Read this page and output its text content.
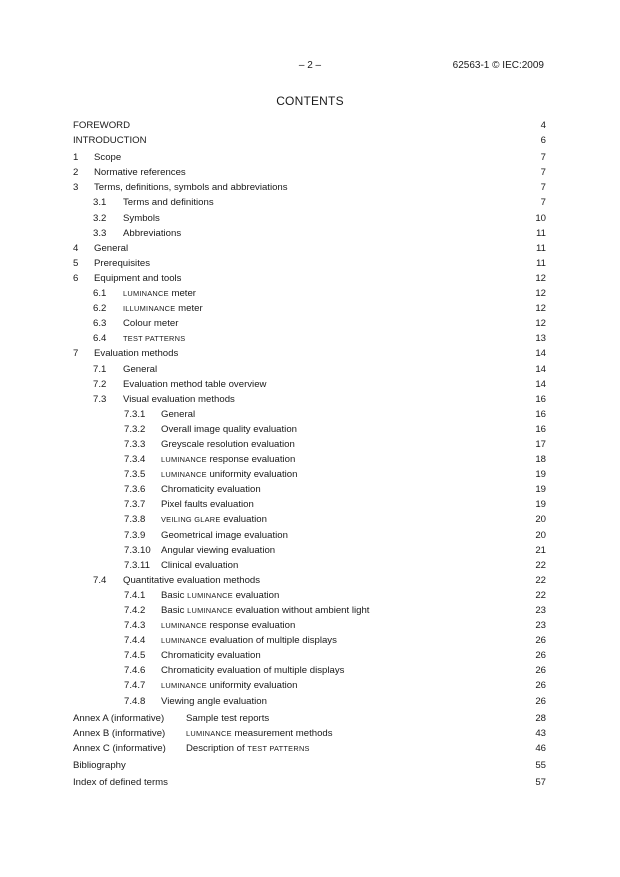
– 2 –	62563-1 © IEC:2009
CONTENTS
FOREWORD	4
INTRODUCTION	6
1 Scope	7
2 Normative references	7
3 Terms, definitions, symbols and abbreviations	7
3.1 Terms and definitions	7
3.2 Symbols	10
3.3 Abbreviations	11
4 General	11
5 Prerequisites	11
6 Equipment and tools	12
6.1 LUMINANCE meter	12
6.2 ILLUMINANCE meter	12
6.3 Colour meter	12
6.4 TEST PATTERNS	13
7 Evaluation methods	14
7.1 General	14
7.2 Evaluation method table overview	14
7.3 Visual evaluation methods	16
7.3.1 General	16
7.3.2 Overall image quality evaluation	16
7.3.3 Greyscale resolution evaluation	17
7.3.4 LUMINANCE response evaluation	18
7.3.5 LUMINANCE uniformity evaluation	19
7.3.6 Chromaticity evaluation	19
7.3.7 Pixel faults evaluation	19
7.3.8 VEILING GLARE evaluation	20
7.3.9 Geometrical image evaluation	20
7.3.10 Angular viewing evaluation	21
7.3.11 Clinical evaluation	22
7.4 Quantitative evaluation methods	22
7.4.1 Basic LUMINANCE evaluation	22
7.4.2 Basic LUMINANCE evaluation without ambient light	23
7.4.3 LUMINANCE response evaluation	23
7.4.4 LUMINANCE evaluation of multiple displays	26
7.4.5 Chromaticity evaluation	26
7.4.6 Chromaticity evaluation of multiple displays	26
7.4.7 LUMINANCE uniformity evaluation	26
7.4.8 Viewing angle evaluation	26
Annex A (informative) Sample test reports	28
Annex B (informative)	LUMINANCE measurement methods	43
Annex C (informative) Description of TEST PATTERNS	46
Bibliography	55
Index of defined terms	57
